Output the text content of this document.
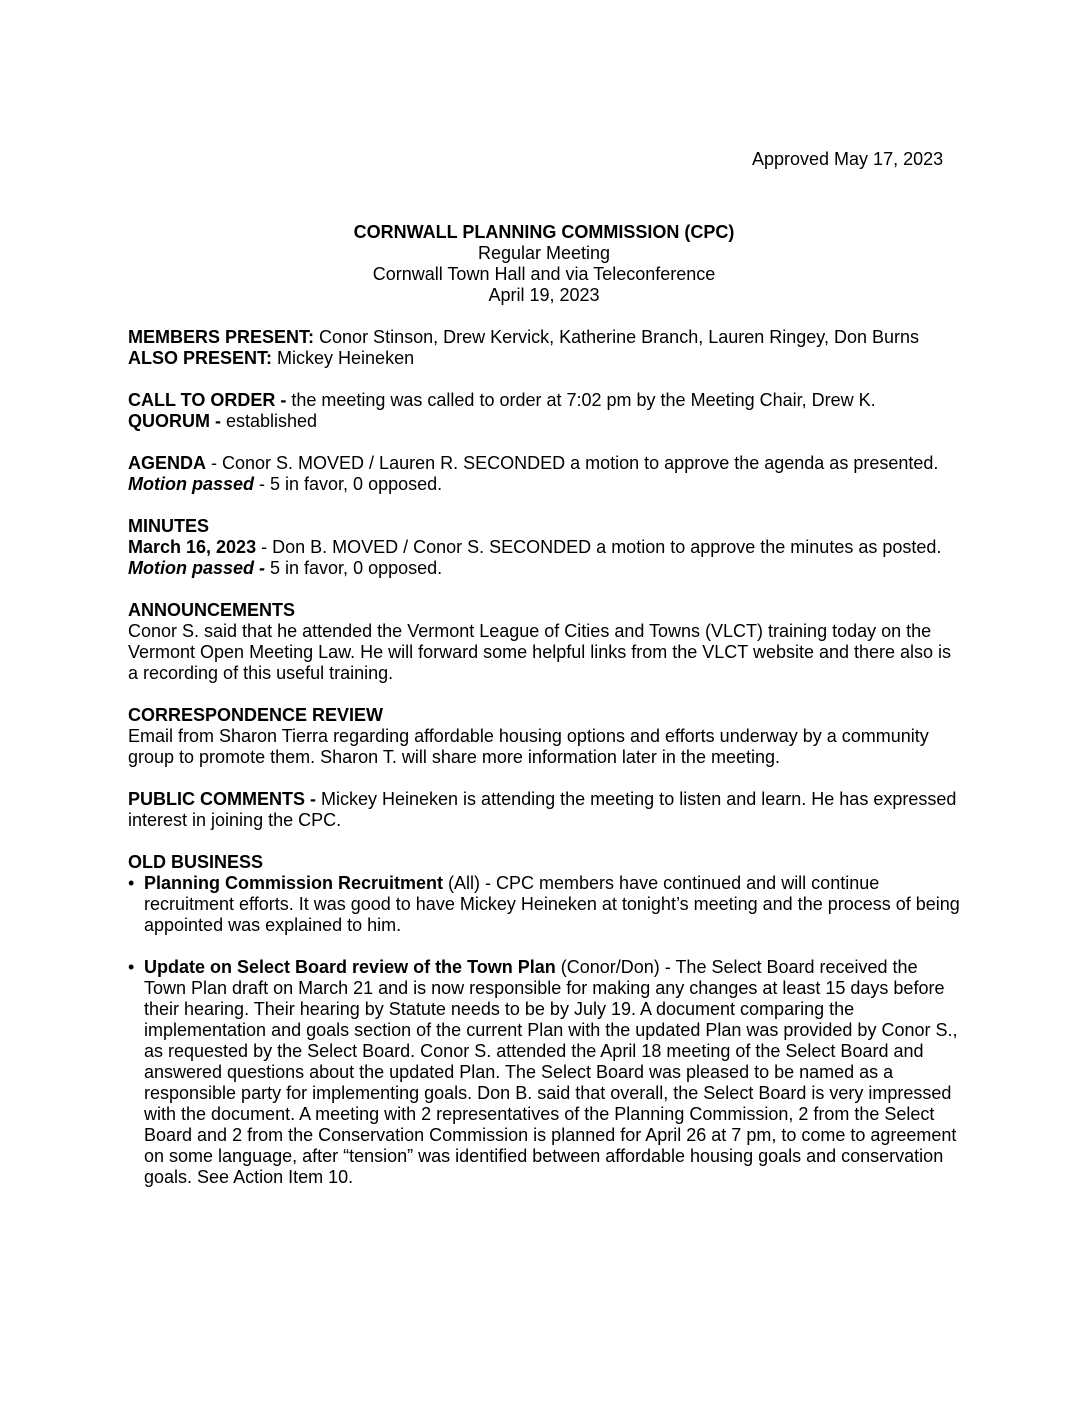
Approved May 17, 2023
CORNWALL PLANNING COMMISSION (CPC)
Regular Meeting
Cornwall Town Hall and via Teleconference
April 19, 2023

MEMBERS PRESENT: Conor Stinson, Drew Kervick, Katherine Branch, Lauren Ringey, Don Burns

ALSO PRESENT: Mickey Heineken

CALL TO ORDER - the meeting was called to order at 7:02 pm by the Meeting Chair, Drew K.

QUORUM - established

AGENDA - Conor S. MOVED / Lauren R. SECONDED a motion to approve the agenda as presented. Motion passed - 5 in favor, 0 opposed.

MINUTES

March 16, 2023 - Don B. MOVED / Conor S. SECONDED a motion to approve the minutes as posted. Motion passed - 5 in favor, 0 opposed.

ANNOUNCEMENTS

Conor S. said that he attended the Vermont League of Cities and Towns (VLCT) training today on the Vermont Open Meeting Law. He will forward some helpful links from the VLCT website and there also is a recording of this useful training.

CORRESPONDENCE REVIEW

Email from Sharon Tierra regarding affordable housing options and efforts underway by a community group to promote them. Sharon T. will share more information later in the meeting.

PUBLIC COMMENTS - Mickey Heineken is attending the meeting to listen and learn. He has expressed interest in joining the CPC.

OLD BUSINESS

• Planning Commission Recruitment (All) - CPC members have continued and will continue recruitment efforts. It was good to have Mickey Heineken at tonight’s meeting and the process of being appointed was explained to him.
• Update on Select Board review of the Town Plan (Conor/Don) - The Select Board received the Town Plan draft on March 21 and is now responsible for making any changes at least 15 days before their hearing. Their hearing by Statute needs to be by July 19. A document comparing the implementation and goals section of the current Plan with the updated Plan was provided by Conor S., as requested by the Select Board. Conor S. attended the April 18 meeting of the Select Board and answered questions about the updated Plan. The Select Board was pleased to be named as a responsible party for implementing goals. Don B. said that overall, the Select Board is very impressed with the document. A meeting with 2 representatives of the Planning Commission, 2 from the Select Board and 2 from the Conservation Commission is planned for April 26 at 7 pm, to come to agreement on some language, after “tension” was identified between affordable housing goals and conservation goals. See Action Item 10.
